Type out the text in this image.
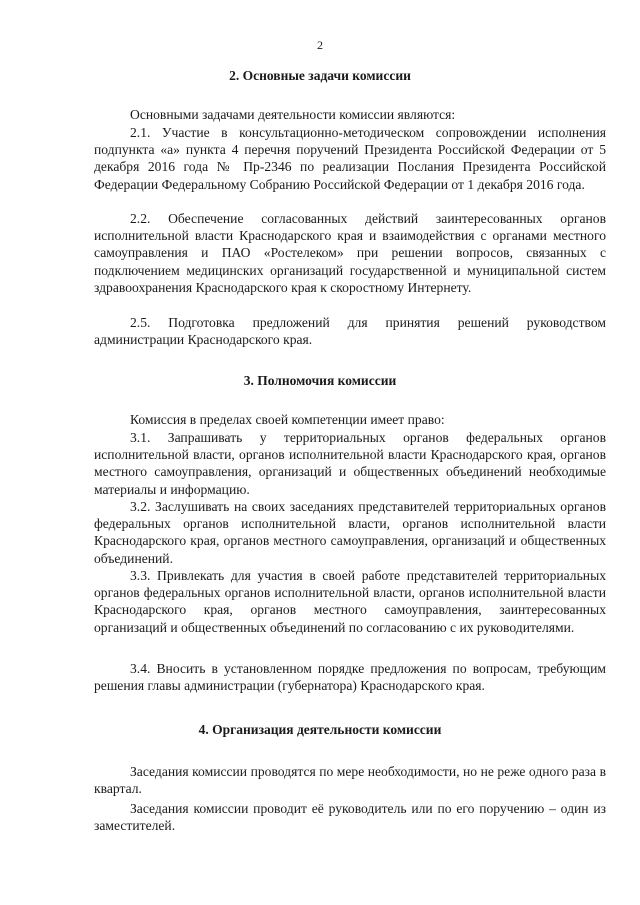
2
2. Основные задачи комиссии

Основными задачами деятельности комиссии являются:

2.1. Участие в консультационно-методическом сопровождении исполнения подпункта «а» пункта 4 перечня поручений Президента Российской Федерации от 5 декабря 2016 года № Пр-2346 по реализации Послания Президента Российской Федерации Федеральному Собранию Российской Федерации от 1 декабря 2016 года.

2.2. Обеспечение согласованных действий заинтересованных органов исполнительной власти Краснодарского края и взаимодействия с органами местного самоуправления и ПАО «Ростелеком» при решении вопросов, связанных с подключением медицинских организаций государственной и муниципальной систем здравоохранения Краснодарского края к скоростному Интернету.

2.5. Подготовка предложений для принятия решений руководством администрации Краснодарского края.

3. Полномочия комиссии

Комиссия в пределах своей компетенции имеет право:

3.1. Запрашивать у территориальных органов федеральных органов исполнительной власти, органов исполнительной власти Краснодарского края, органов местного самоуправления, организаций и общественных объединений необходимые материалы и информацию.

3.2. Заслушивать на своих заседаниях представителей территориальных органов федеральных органов исполнительной власти, органов исполнительной власти Краснодарского края, органов местного самоуправления, организаций и общественных объединений.

3.3. Привлекать для участия в своей работе представителей территориальных органов федеральных органов исполнительной власти, органов исполнительной власти Краснодарского края, органов местного самоуправления, заинтересованных организаций и общественных объединений по согласованию с их руководителями.

3.4. Вносить в установленном порядке предложения по вопросам, требующим решения главы администрации (губернатора) Краснодарского края.

4. Организация деятельности комиссии

Заседания комиссии проводятся по мере необходимости, но не реже одного раза в квартал.

Заседания комиссии проводит её руководитель или по его поручению – один из заместителей.
